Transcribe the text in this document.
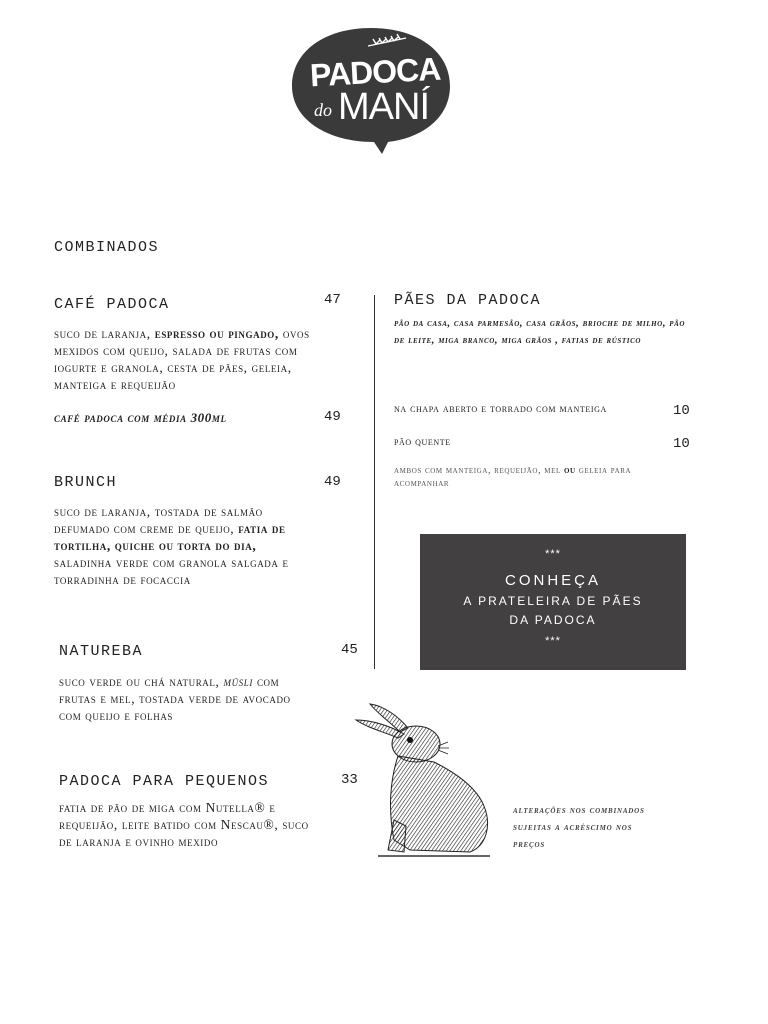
PADOCA
do MANÍ
COMBINADOS
CAFÉ PADOCA	47
suco de laranja, espresso ou pingado, ovos mexidos com queijo, salada de frutas com iogurte e granola, cesta de pães, geleia, manteiga e requeijão
café padoca com média 300ml	49
BRUNCH	49
suco de laranja, tostada de salmão defumado com creme de queijo, fatia de tortilha, quiche ou torta do dia, saladinha verde com granola salgada e torradinha de focaccia
NATUREBA	45
suco verde ou chá natural, müsli com frutas e mel, tostada verde de avocado com queijo e folhas
PADOCA PARA PEQUENOS	33
fatia de pão de miga com Nutella® e requeijão, leite batido com Nescau®, suco de laranja e ovinho mexido
PÃES DA PADOCA
pão da casa, casa parmesão, casa grãos, brioche de milho, pão de leite, miga branco, miga grãos , fatias de rústico
na chapa aberto e torrado com manteiga	10
pão quente	10
ambos com manteiga, requeijão, mel ou geleia para acompanhar
***
CONHEÇA
A PRATELEIRA DE PÃES
DA PADOCA
***
alterações nos combinados sujeitas a acréscimo nos preços
